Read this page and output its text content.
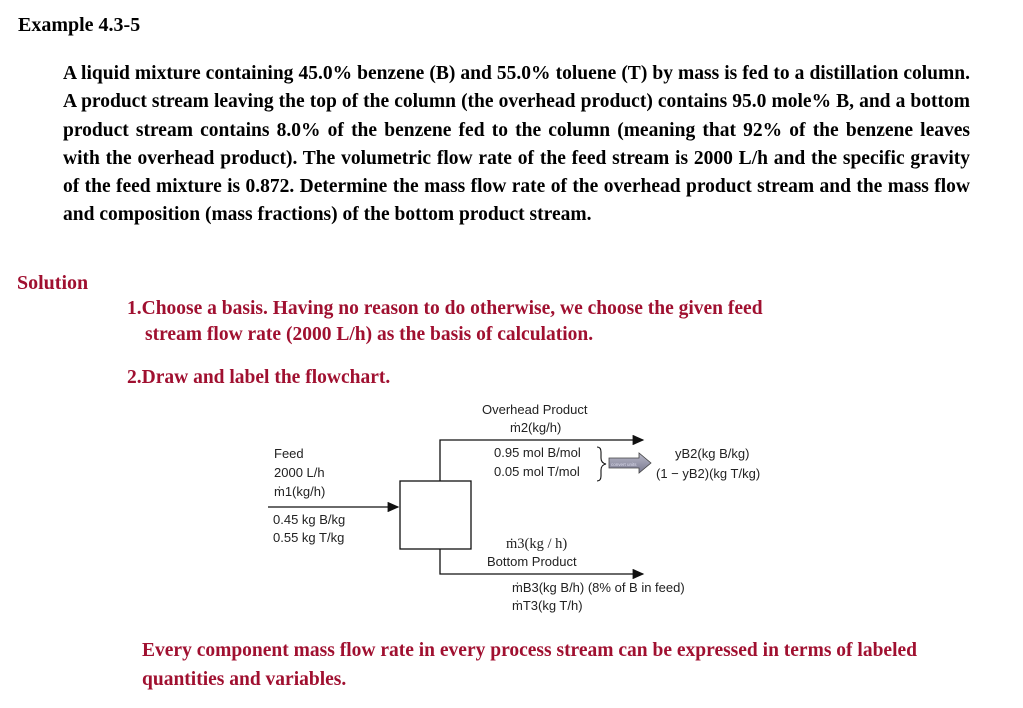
Example 4.3-5
A liquid mixture containing 45.0% benzene (B) and 55.0% toluene (T) by mass is fed to a distillation column. A product stream leaving the top of the column (the overhead product) contains 95.0 mole% B, and a bottom product stream contains 8.0% of the benzene fed to the column (meaning that 92% of the benzene leaves with the overhead product). The volumetric flow rate of the feed stream is 2000 L/h and the specific gravity of the feed mixture is 0.872. Determine the mass flow rate of the overhead product stream and the mass flow and composition (mass fractions) of the bottom product stream.
Solution
1.Choose a basis. Having no reason to do otherwise, we choose the given feed
stream flow rate (2000 L/h) as the basis of calculation.
2.Draw and label the flowchart.
convert units
Overhead Product
ṁ2(kg/h)
0.95 mol B/mol
0.05 mol T/mol
yB2(kg B/kg)
(1 − yB2)(kg T/kg)
Feed
2000 L/h
ṁ1(kg/h)
0.45 kg B/kg
0.55 kg T/kg	ṁ3(kg / h)
Bottom Product
ṁB3(kg B/h) (8% of B in feed)
ṁT3(kg T/h)
Every component mass flow rate in every process stream can be expressed in terms of labeled quantities and variables.
